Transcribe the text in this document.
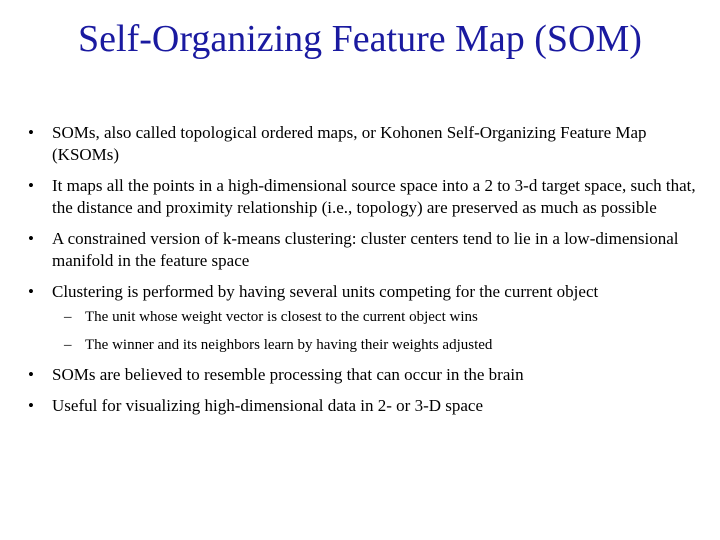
Self-Organizing Feature Map (SOM)
• SOMs, also called topological ordered maps, or Kohonen Self-Organizing Feature Map (KSOMs)
• It maps all the points in a high-dimensional source space into a 2 to 3-d target space, such that, the distance and proximity relationship (i.e., topology) are preserved as much as possible
• A constrained version of k-means clustering: cluster centers tend to lie in a low-dimensional manifold in the feature space
• Clustering is performed by having several units competing for the current object
– The unit whose weight vector is closest to the current object wins
– The winner and its neighbors learn by having their weights adjusted
• SOMs are believed to resemble processing that can occur in the brain
• Useful for visualizing high-dimensional data in 2- or 3-D space
